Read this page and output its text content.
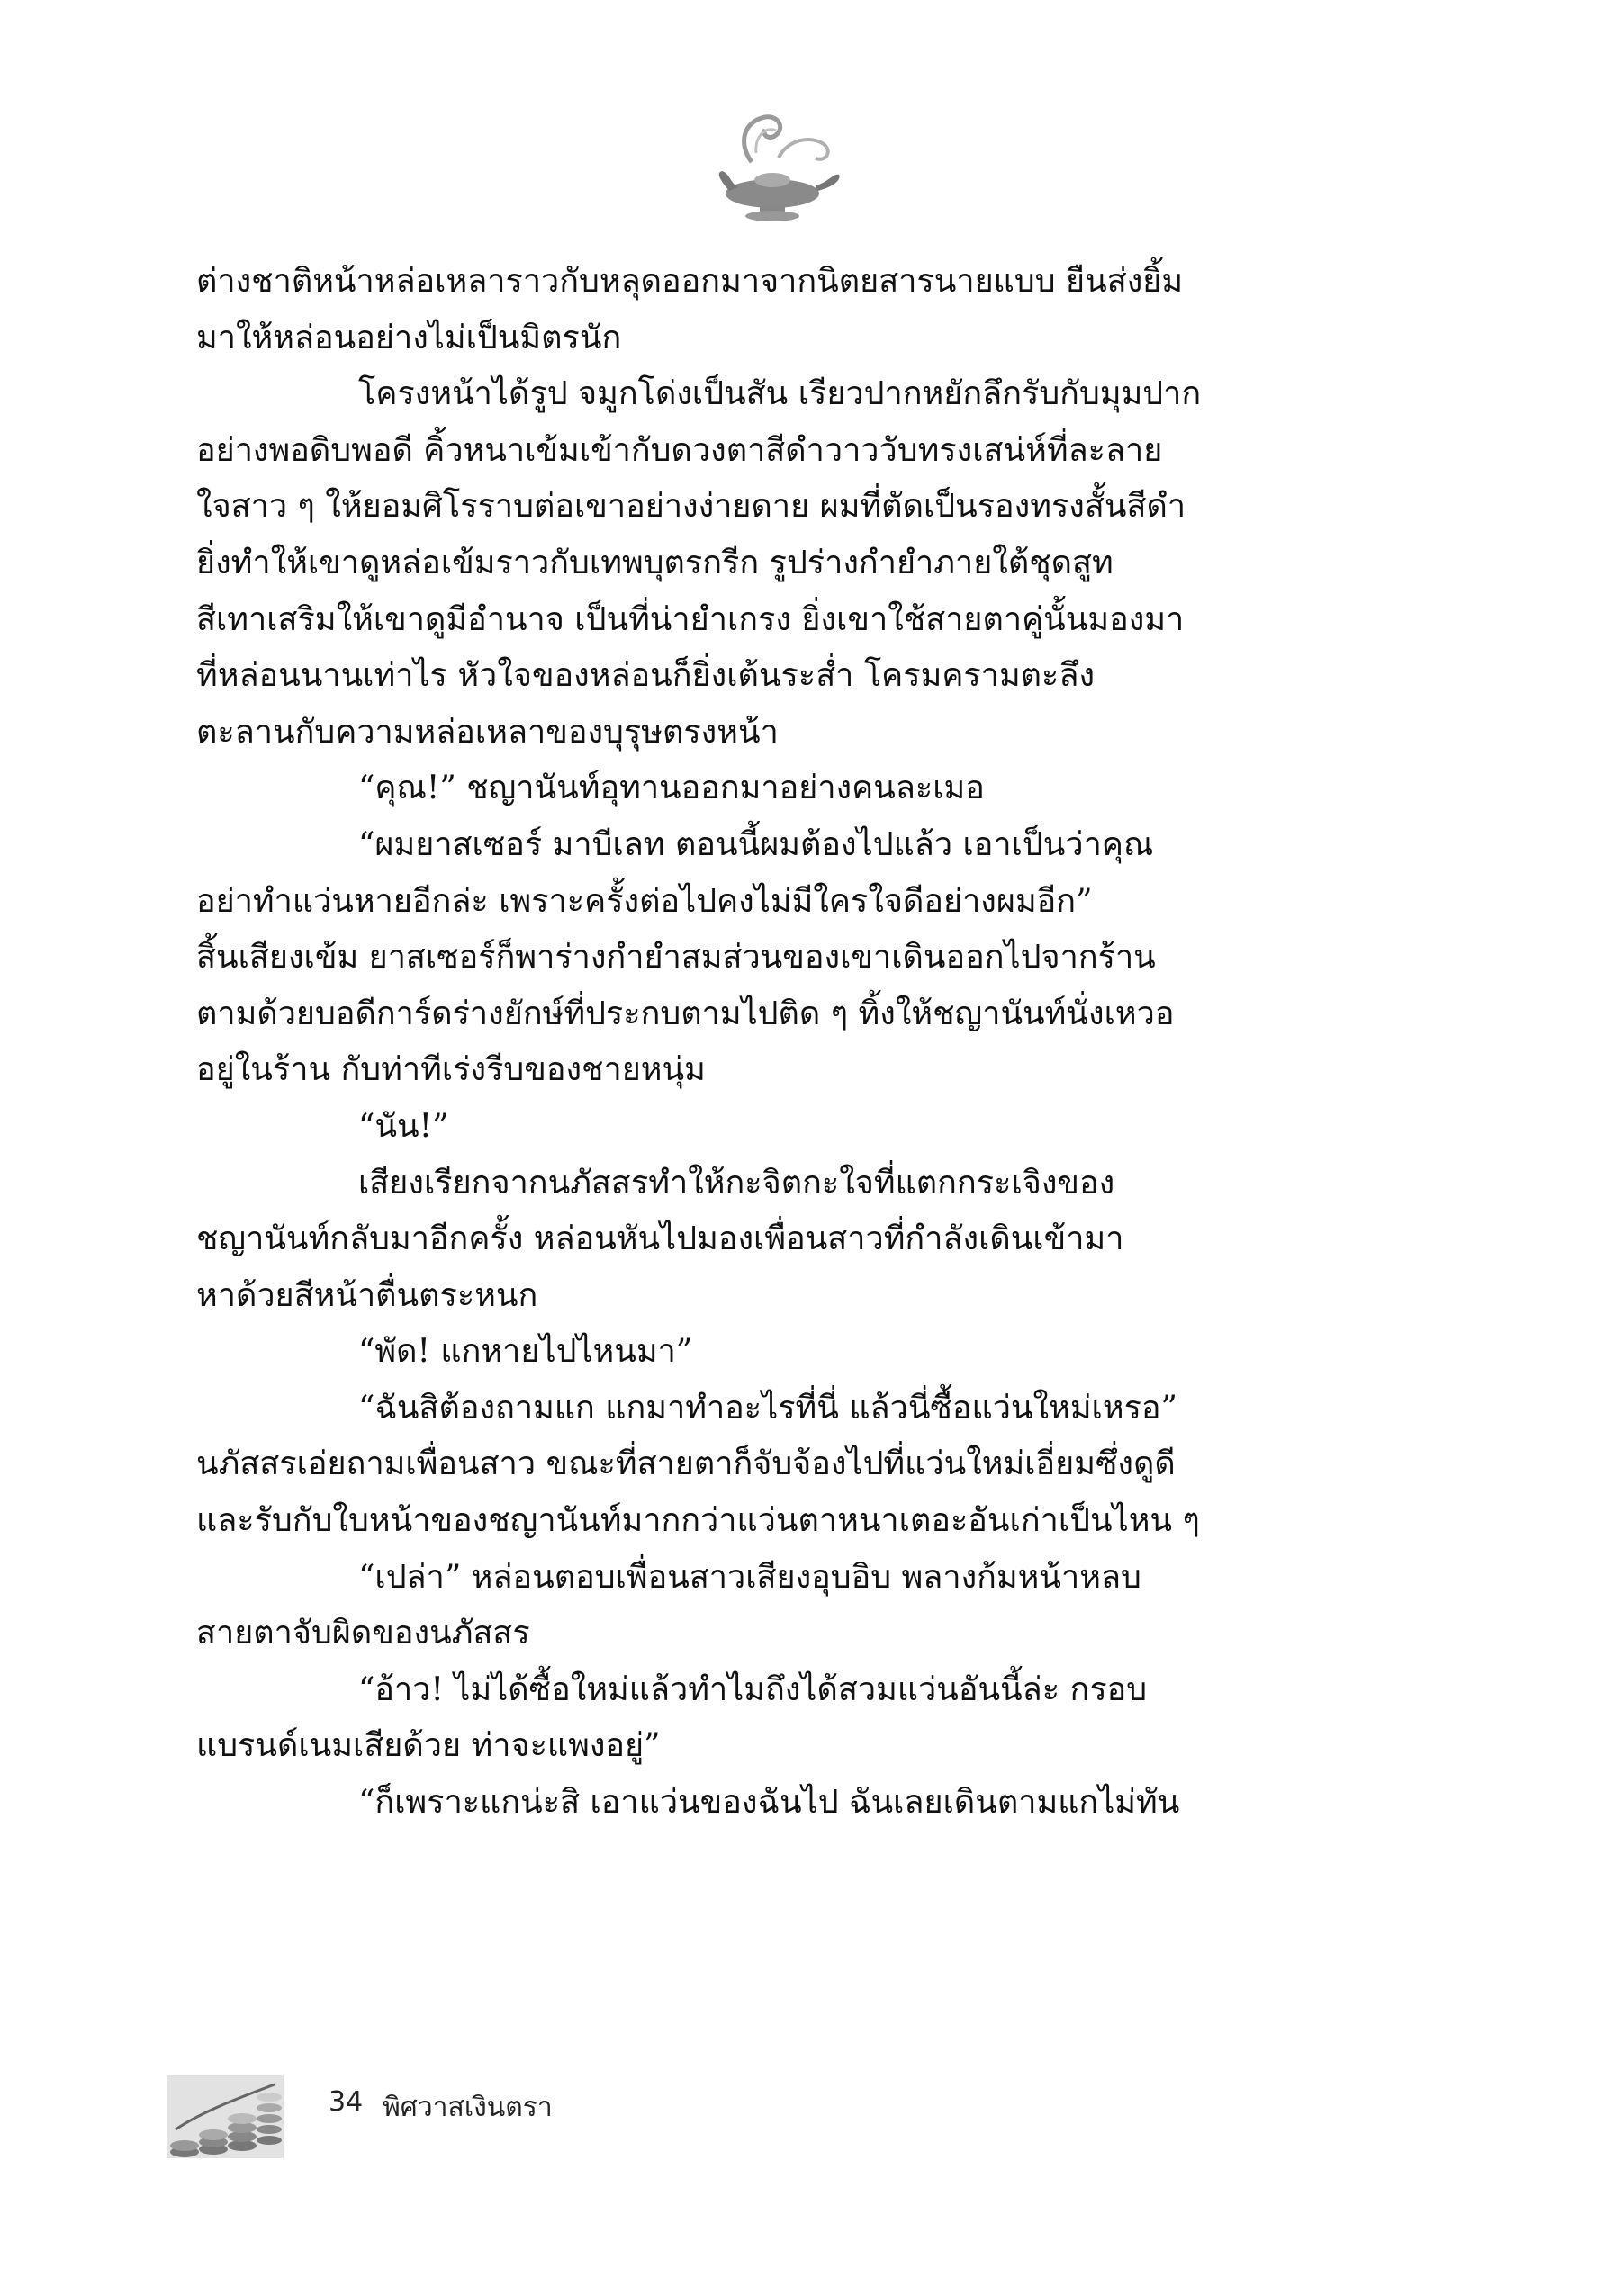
ต่างชาติหน้าหล่อเหลาราวกับหลุดออกมาจากนิตยสารนายแบบ ยืนส่งยิ้ม

มาให้หล่อนอย่างไม่เป็นมิตรนัก

โครงหน้าได้รูป จมูกโด่งเป็นสัน เรียวปากหยักลึกรับกับมุมปาก

อย่างพอดิบพอดี คิ้วหนาเข้มเข้ากับดวงตาสีดำวาววับทรงเสน่ห์ที่ละลาย

ใจสาว ๆ ให้ยอมศิโรราบต่อเขาอย่างง่ายดาย ผมที่ตัดเป็นรองทรงสั้นสีดำ

ยิ่งทำให้เขาดูหล่อเข้มราวกับเทพบุตรกรีก รูปร่างกำยำภายใต้ชุดสูท

สีเทาเสริมให้เขาดูมีอำนาจ เป็นที่น่ายำเกรง ยิ่งเขาใช้สายตาคู่นั้นมองมา

ที่หล่อนนานเท่าไร หัวใจของหล่อนก็ยิ่งเต้นระส่ำ โครมครามตะลึง

ตะลานกับความหล่อเหลาของบุรุษตรงหน้า

“คุณ!” ชญานันท์อุทานออกมาอย่างคนละเมอ

“ผมยาสเซอร์ มาบีเลท ตอนนี้ผมต้องไปแล้ว เอาเป็นว่าคุณ

อย่าทำแว่นหายอีกล่ะ เพราะครั้งต่อไปคงไม่มีใครใจดีอย่างผมอีก”

สิ้นเสียงเข้ม ยาสเซอร์ก็พาร่างกำยำสมส่วนของเขาเดินออกไปจากร้าน

ตามด้วยบอดีการ์ดร่างยักษ์ที่ประกบตามไปติด ๆ ทิ้งให้ชญานันท์นั่งเหวอ

อยู่ในร้าน กับท่าทีเร่งรีบของชายหนุ่ม

“นัน!”

เสียงเรียกจากนภัสสรทำให้กะจิตกะใจที่แตกกระเจิงของ

ชญานันท์กลับมาอีกครั้ง หล่อนหันไปมองเพื่อนสาวที่กำลังเดินเข้ามา

หาด้วยสีหน้าตื่นตระหนก

“พัด! แกหายไปไหนมา”

“ฉันสิต้องถามแก แกมาทำอะไรที่นี่ แล้วนี่ซื้อแว่นใหม่เหรอ”

นภัสสรเอ่ยถามเพื่อนสาว ขณะที่สายตาก็จับจ้องไปที่แว่นใหม่เอี่ยมซึ่งดูดี

และรับกับใบหน้าของชญานันท์มากกว่าแว่นตาหนาเตอะอันเก่าเป็นไหน ๆ

“เปล่า” หล่อนตอบเพื่อนสาวเสียงอุบอิบ พลางก้มหน้าหลบ

สายตาจับผิดของนภัสสร

“อ้าว! ไม่ได้ซื้อใหม่แล้วทำไมถึงได้สวมแว่นอันนี้ล่ะ กรอบ

แบรนด์เนมเสียด้วย ท่าจะแพงอยู่”

“ก็เพราะแกน่ะสิ เอาแว่นของฉันไป ฉันเลยเดินตามแกไม่ทัน

34 พิศวาสเงินตรา
